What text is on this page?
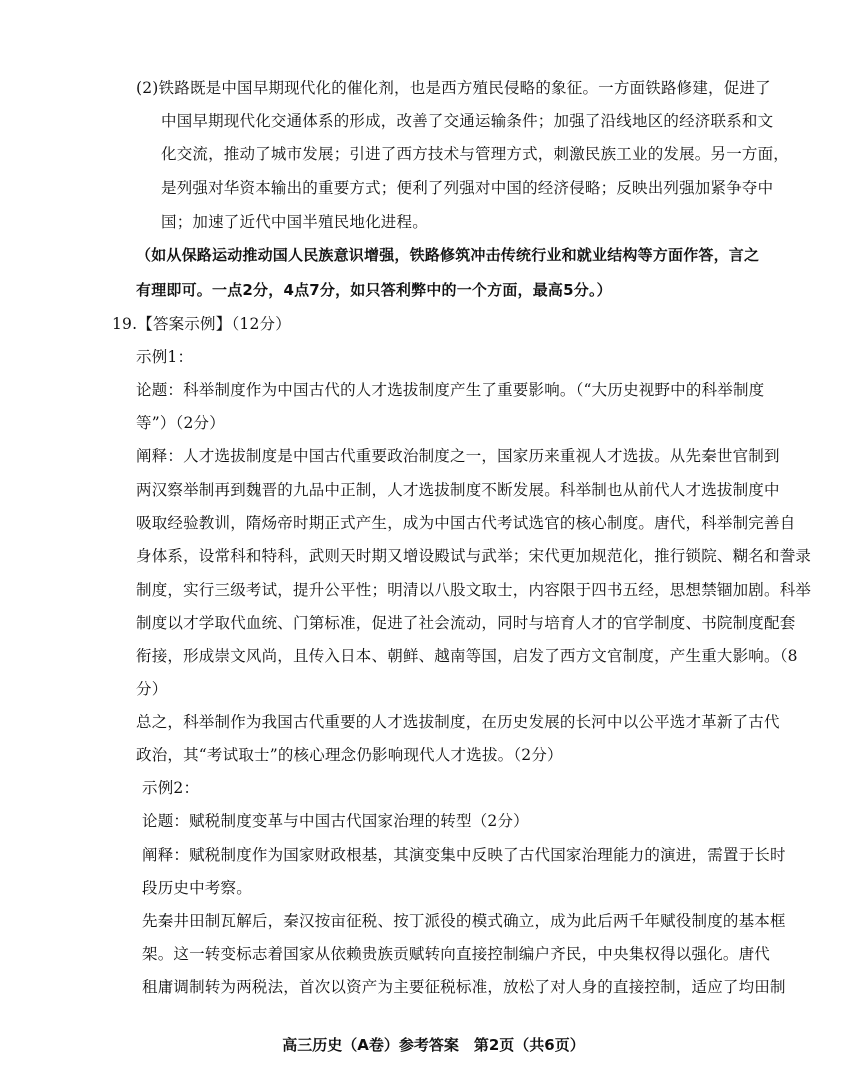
(2)铁路既是中国早期现代化的催化剂，也是西方殖民侵略的象征。一方面铁路修建，促进了
中国早期现代化交通体系的形成，改善了交通运输条件；加强了沿线地区的经济联系和文
化交流，推动了城市发展；引进了西方技术与管理方式，刺激民族工业的发展。另一方面，
是列强对华资本输出的重要方式；便利了列强对中国的经济侵略；反映出列强加紧争夺中
国；加速了近代中国半殖民地化进程。
（如从保路运动推动国人民族意识增强，铁路修筑冲击传统行业和就业结构等方面作答，言之
有理即可。一点2分，4点7分，如只答利弊中的一个方面，最高5分。）
19.【答案示例】（12分）
示例1：
论题：科举制度作为中国古代的人才选拔制度产生了重要影响。（“大历史视野中的科举制度
等”）（2分）
阐释：人才选拔制度是中国古代重要政治制度之一，国家历来重视人才选拔。从先秦世官制到
两汉察举制再到魏晋的九品中正制，人才选拔制度不断发展。科举制也从前代人才选拔制度中
吸取经验教训，隋炀帝时期正式产生，成为中国古代考试选官的核心制度。唐代，科举制完善自
身体系，设常科和特科，武则天时期又增设殿试与武举；宋代更加规范化，推行锁院、糊名和誊录
制度，实行三级考试，提升公平性；明清以八股文取士，内容限于四书五经，思想禁锢加剧。科举
制度以才学取代血统、门第标准，促进了社会流动，同时与培育人才的官学制度、书院制度配套
衔接，形成崇文风尚，且传入日本、朝鲜、越南等国，启发了西方文官制度，产生重大影响。（8
分）
总之，科举制作为我国古代重要的人才选拔制度，在历史发展的长河中以公平选才革新了古代
政治，其“考试取士”的核心理念仍影响现代人才选拔。（2分）
示例2：
论题：赋税制度变革与中国古代国家治理的转型（2分）
阐释：赋税制度作为国家财政根基，其演变集中反映了古代国家治理能力的演进，需置于长时
段历史中考察。
先秦井田制瓦解后，秦汉按亩征税、按丁派役的模式确立，成为此后两千年赋役制度的基本框
架。这一转变标志着国家从依赖贵族贡赋转向直接控制编户齐民，中央集权得以强化。唐代
租庸调制转为两税法，首次以资产为主要征税标准，放松了对人身的直接控制，适应了均田制
高三历史（A卷）参考答案　第2页（共6页）
